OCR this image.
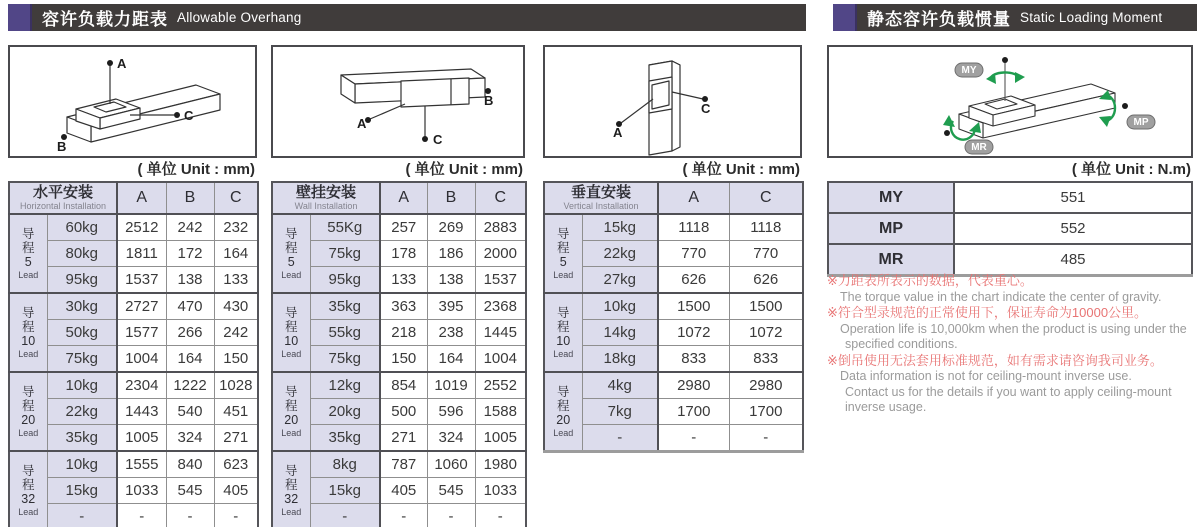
容许负载力距表 Allowable Overhang	静态容许负载惯量 Static Loading Moment
A
C
B
( 单位 Unit : mm)
水平安装
Horizontal Installation		A	B	C

导
程
5
Lead	60kg	2512	242	232
	80kg	1811	172	164
	95kg	1537	138	133

导
程
10
Lead	30kg	2727	470	430
	50kg	1577	266	242
	75kg	1004	164	150

导
程
20
Lead	10kg	2304	1222	1028
	22kg	1443	540	451
	35kg	1005	324	271

导
程
32
Lead	10kg	1555	840	623
	15kg	1033	545	405
	-	-	-	-
A
C
B
( 单位 Unit : mm)
壁挂安装
Wall Installation		A	B	C

导
程
5
Lead	55Kg	257	269	2883
	75kg	178	186	2000
	95kg	133	138	1537

导
程
10
Lead	35kg	363	395	2368
	55kg	218	238	1445
	75kg	150	164	1004

导
程
20
Lead	12kg	854	1019	2552
	20kg	500	596	1588
	35kg	271	324	1005

导
程
32
Lead	8kg	787	1060	1980
	15kg	405	545	1033
	-	-	-	-
A
C
( 单位 Unit : mm)
垂直安装
Vertical Installation		A	C

导
程
5
Lead	15kg	1118	1118
	22kg	770	770
	27kg	626	626

导
程
10
Lead	10kg	1500	1500
	14kg	1072	1072
	18kg	833	833

导
程
20
Lead	4kg	2980	2980
	7kg	1700	1700
	-	-	-
MY
MP
MR
( 单位 Unit : N.m)
MY	551
MP	552
MR	485
※力距表所表示的数据，代表重心。
The torque value in the chart indicate the center of gravity.
※符合型录规范的正常使用下，保证寿命为10000公里。
Operation life is 10,000km when the product is using under the
specified conditions.
※倒吊使用无法套用标准规范，如有需求请咨询我司业务。
Data information is not for ceiling-mount inverse use.
Contact us for the details if you want to apply ceiling-mount
inverse usage.
